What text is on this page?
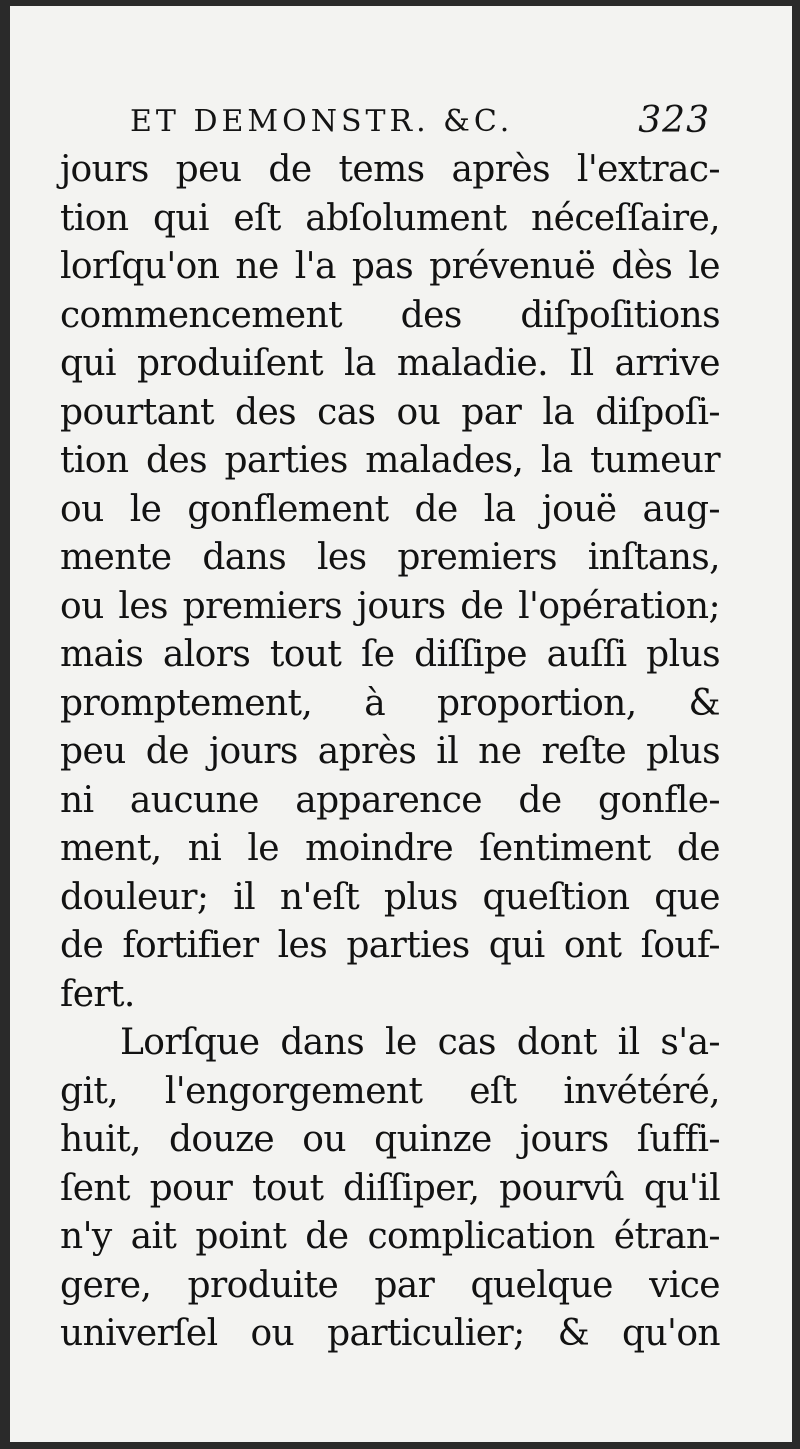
ET DEMONSTR. &C.	323
jours peu de tems après l'extrac-
tion qui eſt abſolument néceſſaire,
lorſqu'on ne l'a pas prévenuë dès le
commencement des diſpoſitions
qui produiſent la maladie. Il arrive
pourtant des cas ou par la diſpoſi-
tion des parties malades, la tumeur
ou le gonflement de la jouë aug-
mente dans les premiers inſtans,
ou les premiers jours de l'opération;
mais alors tout ſe diſſipe auſſi plus
promptement, à proportion, &
peu de jours après il ne reſte plus
ni aucune apparence de gonfle-
ment, ni le moindre ſentiment de
douleur; il n'eſt plus queſtion que
de fortifier les parties qui ont ſouf-
fert.
Lorſque dans le cas dont il s'a-
git, l'engorgement eſt invétéré,
huit, douze ou quinze jours ſuffi-
ſent pour tout diſſiper, pourvû qu'il
n'y ait point de complication étran-
gere, produite par quelque vice
univerſel ou particulier; & qu'on
